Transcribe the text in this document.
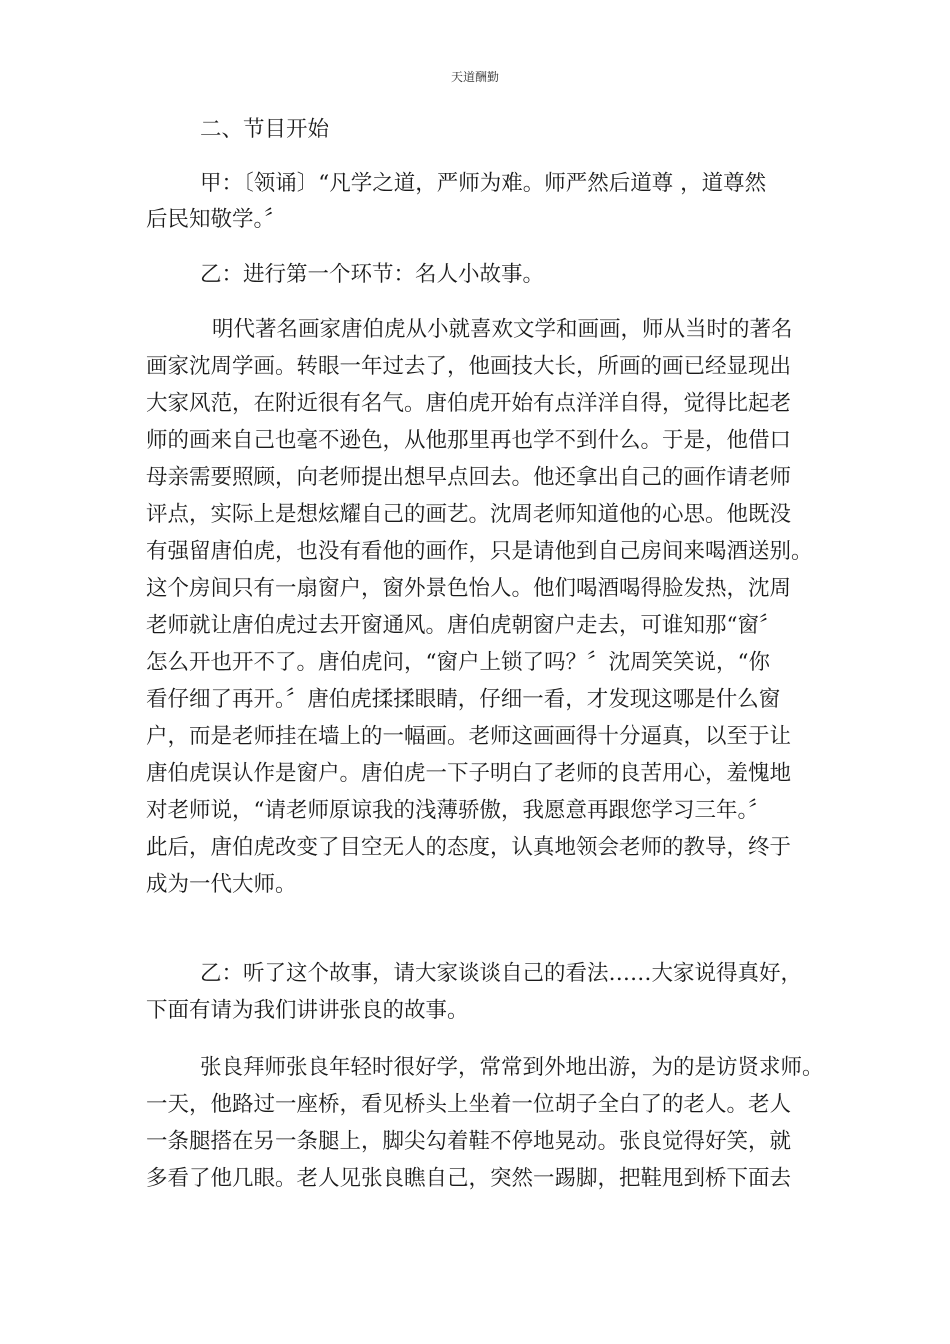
天道酬勤
二、节目开始
甲：〔领诵〕“凡学之道，严师为难。师严然后道尊 ，道尊然
后民知敬学。〞
乙：进行第一个环节：名人小故事。
明代著名画家唐伯虎从小就喜欢文学和画画，师从当时的著名
画家沈周学画。转眼一年过去了，他画技大长，所画的画已经显现出
大家风范，在附近很有名气。唐伯虎开始有点洋洋自得，觉得比起老
师的画来自己也毫不逊色，从他那里再也学不到什么。于是，他借口
母亲需要照顾，向老师提出想早点回去。他还拿出自己的画作请老师
评点，实际上是想炫耀自己的画艺。沈周老师知道他的心思。他既没
有强留唐伯虎，也没有看他的画作，只是请他到自己房间来喝酒送别。
这个房间只有一扇窗户，窗外景色怡人。他们喝酒喝得脸发热，沈周
老师就让唐伯虎过去开窗通风。唐伯虎朝窗户走去，可谁知那“窗〞
怎么开也开不了。唐伯虎问，“窗户上锁了吗？〞沈周笑笑说，“你
看仔细了再开。〞唐伯虎揉揉眼睛，仔细一看，才发现这哪是什么窗
户，而是老师挂在墙上的一幅画。老师这画画得十分逼真，以至于让
唐伯虎误认作是窗户。唐伯虎一下子明白了老师的良苦用心，羞愧地
对老师说，“请老师原谅我的浅薄骄傲，我愿意再跟您学习三年。〞
此后，唐伯虎改变了目空无人的态度，认真地领会老师的教导，终于
成为一代大师。
乙：听了这个故事，请大家谈谈自己的看法……大家说得真好，
下面有请为我们讲讲张良的故事。
张良拜师张良年轻时很好学，常常到外地出游，为的是访贤求师。
一天，他路过一座桥，看见桥头上坐着一位胡子全白了的老人。老人
一条腿搭在另一条腿上，脚尖勾着鞋不停地晃动。张良觉得好笑，就
多看了他几眼。老人见张良瞧自己，突然一踢脚，把鞋甩到桥下面去
